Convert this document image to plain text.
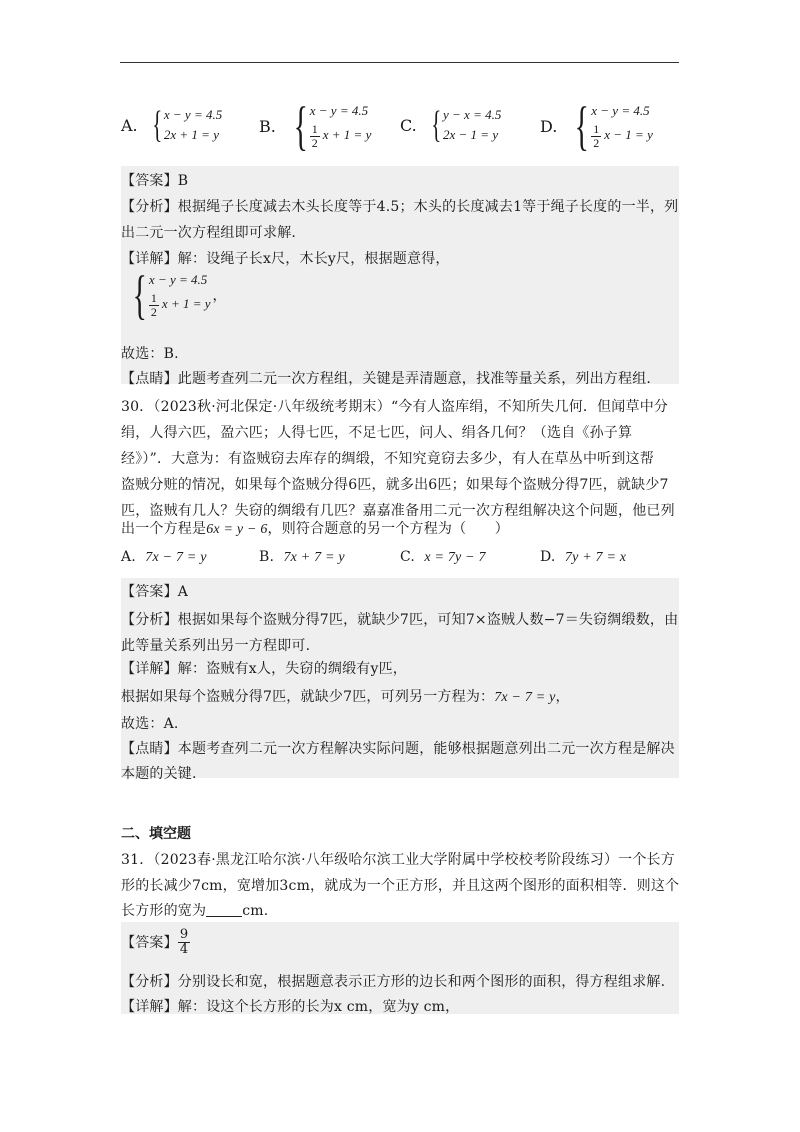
A. { x − y = 4.5
2x + 1 = y	B. { x − y = 4.5
$\frac{1}{2}$ x + 1 = y C. { y − x = 4.5
2x − 1 = y	D. { x − y = 4.5
$\frac{1}{2}$ x − 1 = y
【答案】B
【分析】根据绳子长度减去木头长度等于4.5；木头的长度减去1等于绳子长度的一半，列
出二元一次方程组即可求解.
【详解】解：设绳子长x尺，木长y尺，根据题意得，
{ x − y = 4.5
$\frac{1}{2}$ x + 1 = y ，
故选：B.
【点睛】此题考查列二元一次方程组，关键是弄清题意，找准等量关系，列出方程组.
30．（2023秋·河北保定·八年级统考期末）“今有人盗库绢，不知所失几何．但闻草中分
绢，人得六匹，盈六匹；人得七匹，不足七匹，问人、绢各几何？（选自《孙子算
经》）”．大意为：有盗贼窃去库存的绸缎，不知究竟窃去多少，有人在草丛中听到这帮
盗贼分赃的情况，如果每个盗贼分得6匹，就多出6匹；如果每个盗贼分得7匹，就缺少7
匹，盗贼有几人？失窃的绸缎有几匹？嘉嘉准备用二元一次方程组解决这个问题，他已列
出一个方程是6x = y − 6，则符合题意的另一个方程为（　　）
A. 7x − 7 = y	B. 7x + 7 = y	C. x = 7y − 7	D. 7y + 7 = x
【答案】A
【分析】根据如果每个盗贼分得7匹，就缺少7匹，可知7×盗贼人数−7＝失窃绸缎数，由
此等量关系列出另一方程即可.
【详解】解：盗贼有x人，失窃的绸缎有y匹，
根据如果每个盗贼分得7匹，就缺少7匹，可列另一方程为：7x − 7 = y，
故选：A.
【点睛】本题考查列二元一次方程解决实际问题，能够根据题意列出二元一次方程是解决
本题的关键.
二、填空题
31．（2023春·黑龙江哈尔滨·八年级哈尔滨工业大学附属中学校校考阶段练习）一个长方
形的长减少7cm，宽增加3cm，就成为一个正方形，并且这两个图形的面积相等．则这个
长方形的宽为	cm.
【答案】 $\frac{9}{4}$
【分析】分别设长和宽，根据题意表示正方形的边长和两个图形的面积，得方程组求解.
【详解】解：设这个长方形的长为x cm，宽为y cm，
